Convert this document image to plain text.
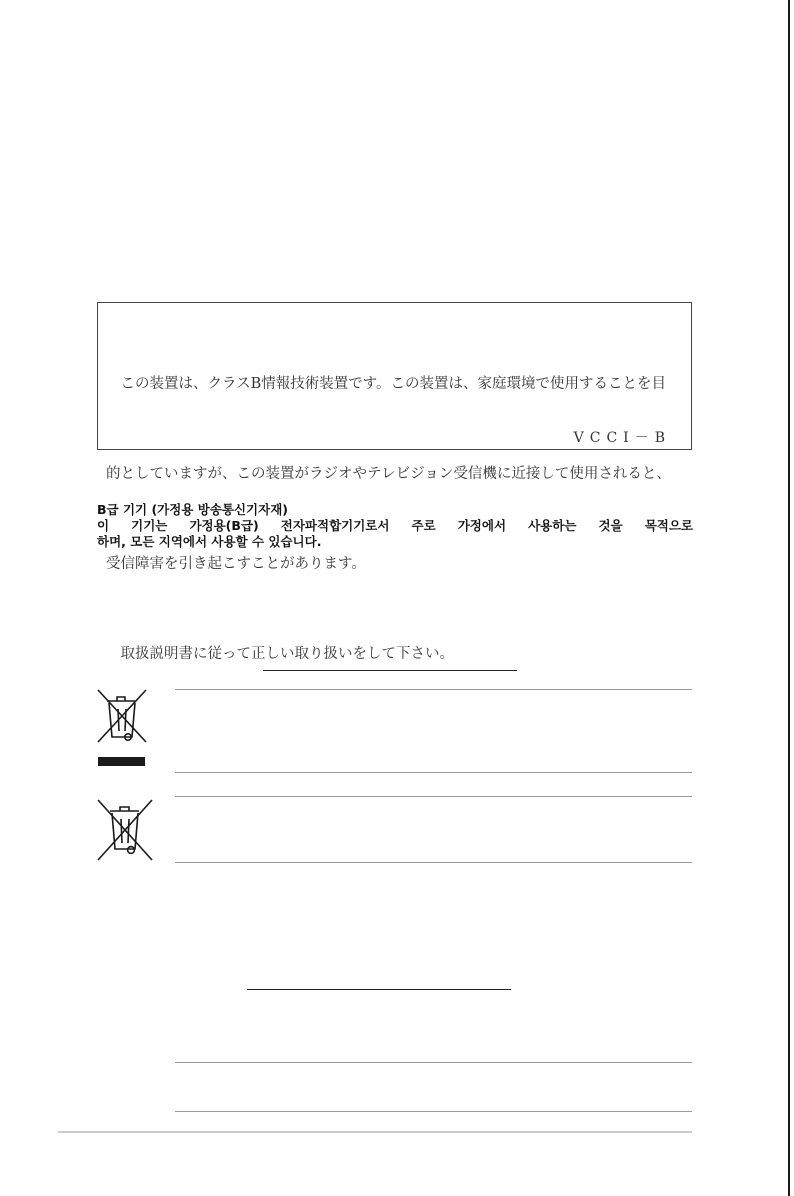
　この装置は、クラスB情報技術装置です。この装置は、家庭環境で使用することを目

的としていますが、この装置がラジオやテレビジョン受信機に近接して使用されると、

受信障害を引き起こすことがあります。

　取扱説明書に従って正しい取り扱いをして下さい。

VCCI－B
B급 기기 (가정용 방송통신기자재)
이 기기는 가정용(B급) 전자파적합기기로서 주로 가정에서 사용하는 것을 목적으로
하며, 모든 지역에서 사용할 수 있습니다.
